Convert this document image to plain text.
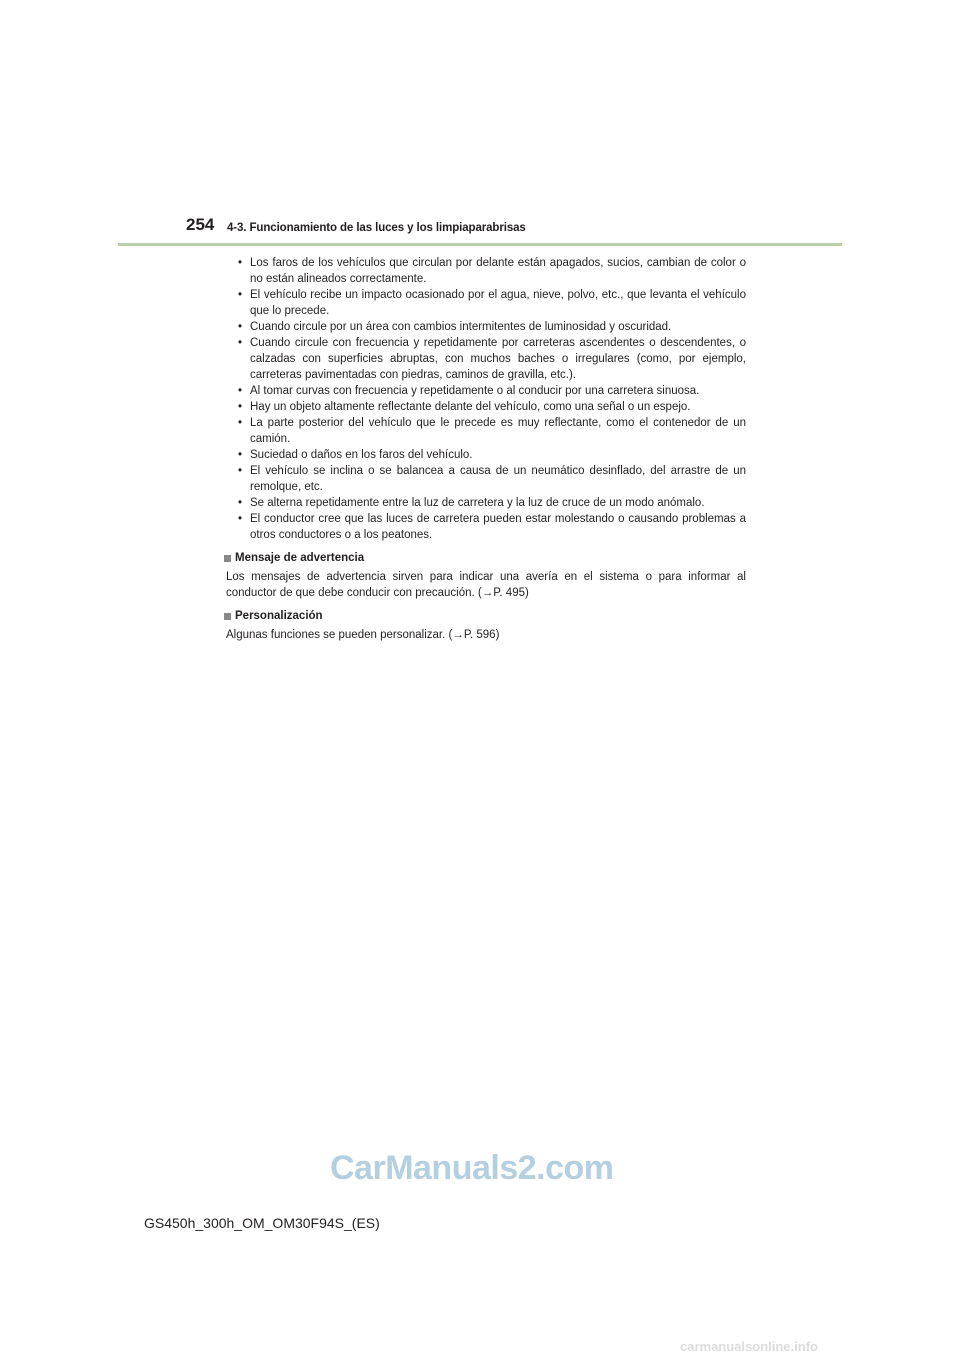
254 4-3. Funcionamiento de las luces y los limpiaparabrisas
• Los faros de los vehículos que circulan por delante están apagados, sucios, cambian de color o no están alineados correctamente.
• El vehículo recibe un impacto ocasionado por el agua, nieve, polvo, etc., que levanta el vehículo que lo precede.
• Cuando circule por un área con cambios intermitentes de luminosidad y oscuridad.
• Cuando circule con frecuencia y repetidamente por carreteras ascendentes o descendentes, o calzadas con superficies abruptas, con muchos baches o irregulares (como, por ejemplo, carreteras pavimentadas con piedras, caminos de gravilla, etc.).
• Al tomar curvas con frecuencia y repetidamente o al conducir por una carretera sinuosa.
• Hay un objeto altamente reflectante delante del vehículo, como una señal o un espejo.
• La parte posterior del vehículo que le precede es muy reflectante, como el contenedor de un camión.
• Suciedad o daños en los faros del vehículo.
• El vehículo se inclina o se balancea a causa de un neumático desinflado, del arrastre de un remolque, etc.
• Se alterna repetidamente entre la luz de carretera y la luz de cruce de un modo anómalo.
• El conductor cree que las luces de carretera pueden estar molestando o causando problemas a otros conductores o a los peatones.
Mensaje de advertencia
Los mensajes de advertencia sirven para indicar una avería en el sistema o para informar al conductor de que debe conducir con precaución. (→P. 495)
Personalización
Algunas funciones se pueden personalizar. (→P. 596)
CarManuals2.com
GS450h_300h_OM_OM30F94S_(ES)
carmanualsonline.info
